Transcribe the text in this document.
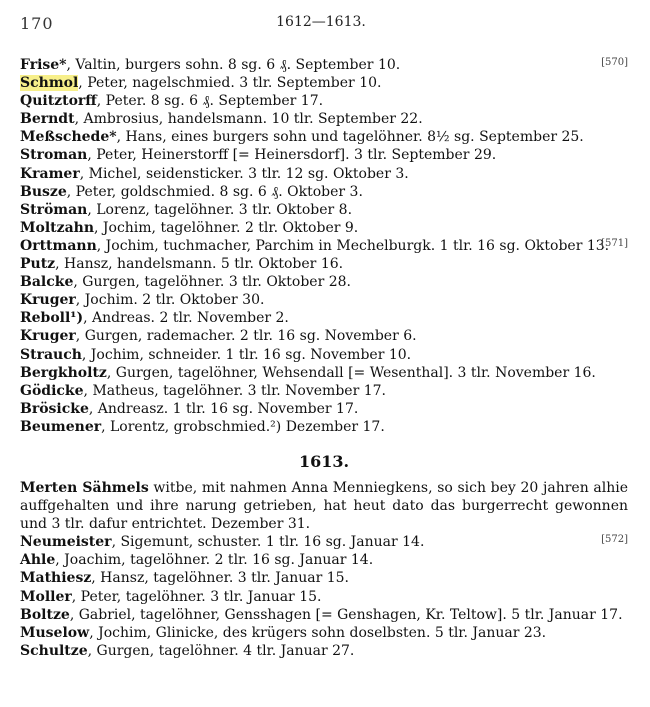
170	1612—1613.
Frise*, Valtin, burgers sohn. 8 sg. 6 ₰. September 10.	[570]
Schmol, Peter, nagelschmied. 3 tlr. September 10.
Quitztorff, Peter. 8 sg. 6 ₰. September 17.
Berndt, Ambrosius, handelsmann. 10 tlr. September 22.
Meßschede*, Hans, eines burgers sohn und tagelöhner. 8½ sg. September 25.
Stroman, Peter, Heinerstorff [= Heinersdorf]. 3 tlr. September 29.
Kramer, Michel, seidensticker. 3 tlr. 12 sg. Oktober 3.
Busze, Peter, goldschmied. 8 sg. 6 ₰. Oktober 3.
Ströman, Lorenz, tagelöhner. 3 tlr. Oktober 8.
Moltzahn, Jochim, tagelöhner. 2 tlr. Oktober 9.
Orttmann, Jochim, tuchmacher, Parchim in Mechelburgk. 1 tlr. 16 sg. Oktober 13.
[571]
Putz, Hansz, handelsmann. 5 tlr. Oktober 16.
Balcke, Gurgen, tagelöhner. 3 tlr. Oktober 28.
Kruger, Jochim. 2 tlr. Oktober 30.
Reboll¹), Andreas. 2 tlr. November 2.
Kruger, Gurgen, rademacher. 2 tlr. 16 sg. November 6.
Strauch, Jochim, schneider. 1 tlr. 16 sg. November 10.
Bergkholtz, Gurgen, tagelöhner, Wehsendall [= Wesenthal]. 3 tlr. November 16.
Gödicke, Matheus, tagelöhner. 3 tlr. November 17.
Brösicke, Andreasz. 1 tlr. 16 sg. November 17.
Beumener, Lorentz, grobschmied.²) Dezember 17.
1613.
Merten Sähmels witbe, mit nahmen Anna Menniegkens, so sich bey 20 jahren alhie auffgehalten und ihre narung getrieben, hat heut dato das burgerrecht gewonnen und 3 tlr. dafur entrichtet. Dezember 31.
Neumeister, Sigemunt, schuster. 1 tlr. 16 sg. Januar 14.	[572]
Ahle, Joachim, tagelöhner. 2 tlr. 16 sg. Januar 14.
Mathiesz, Hansz, tagelöhner. 3 tlr. Januar 15.
Moller, Peter, tagelöhner. 3 tlr. Januar 15.
Boltze, Gabriel, tagelöhner, Gensshagen [= Genshagen, Kr. Teltow]. 5 tlr. Januar 17.
Muselow, Jochim, Glinicke, des krügers sohn doselbsten. 5 tlr. Januar 23.
Schultze, Gurgen, tagelöhner. 4 tlr. Januar 27.
